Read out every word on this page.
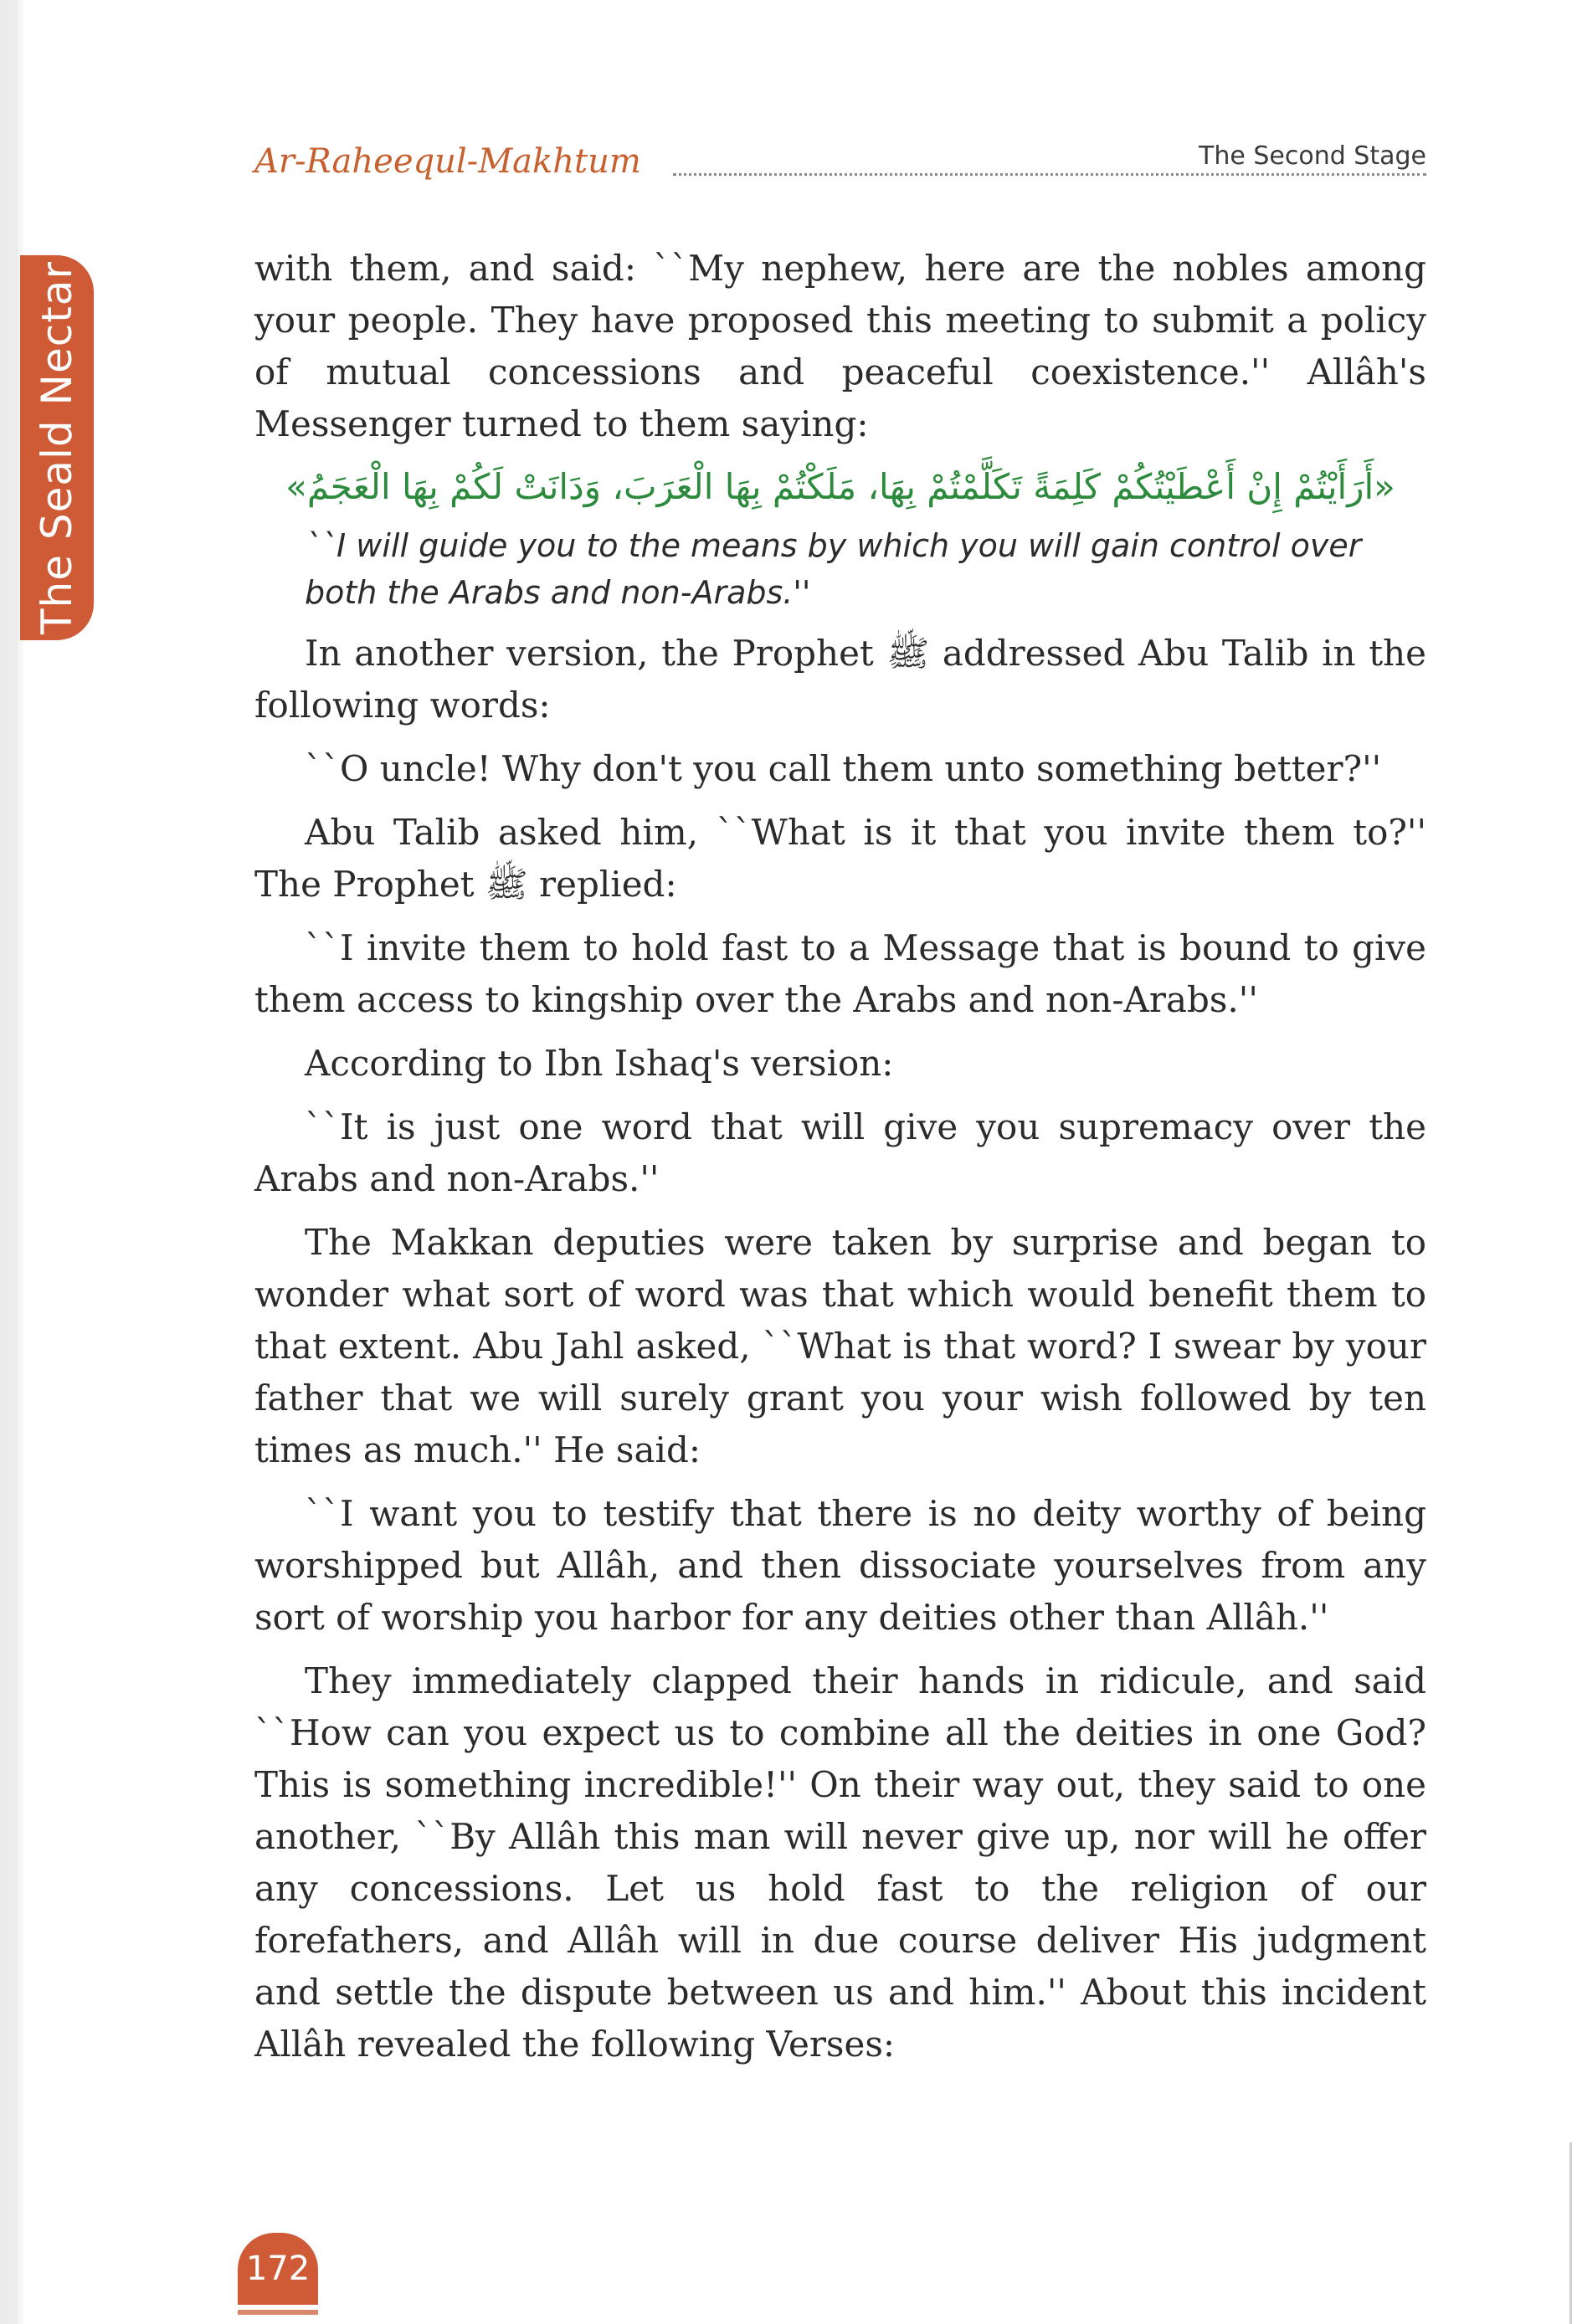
The Seald Nectar
Ar-Raheequl-Makhtum	The Second Stage

with them, and said: ``My nephew, here are the nobles among your people. They have proposed this meeting to submit a policy of mutual concessions and peaceful coexistence.'' Allâh's Messenger turned to them saying:

«أَرَأَيْتُمْ إِنْ أَعْطَيْتُكُمْ كَلِمَةً تَكَلَّمْتُمْ بِهَا، مَلَكْتُمْ بِهَا الْعَرَبَ، وَدَانَتْ لَكُمْ بِهَا الْعَجَمُ»

``I will guide you to the means by which you will gain control over both the Arabs and non-Arabs.''

In another version, the Prophet ﷺ addressed Abu Talib in the following words:

``O uncle! Why don't you call them unto something better?''

Abu Talib asked him, ``What is it that you invite them to?'' The Prophet ﷺ replied:

``I invite them to hold fast to a Message that is bound to give them access to kingship over the Arabs and non-Arabs.''

According to Ibn Ishaq's version:

``It is just one word that will give you supremacy over the Arabs and non-Arabs.''

The Makkan deputies were taken by surprise and began to wonder what sort of word was that which would benefit them to that extent. Abu Jahl asked, ``What is that word? I swear by your father that we will surely grant you your wish followed by ten times as much.'' He said:

``I want you to testify that there is no deity worthy of being worshipped but Allâh, and then dissociate yourselves from any sort of worship you harbor for any deities other than Allâh.''

They immediately clapped their hands in ridicule, and said ``How can you expect us to combine all the deities in one God? This is something incredible!'' On their way out, they said to one another, ``By Allâh this man will never give up, nor will he offer any concessions. Let us hold fast to the religion of our forefathers, and Allâh will in due course deliver His judgment and settle the dispute between us and him.'' About this incident Allâh revealed the following Verses:

172
